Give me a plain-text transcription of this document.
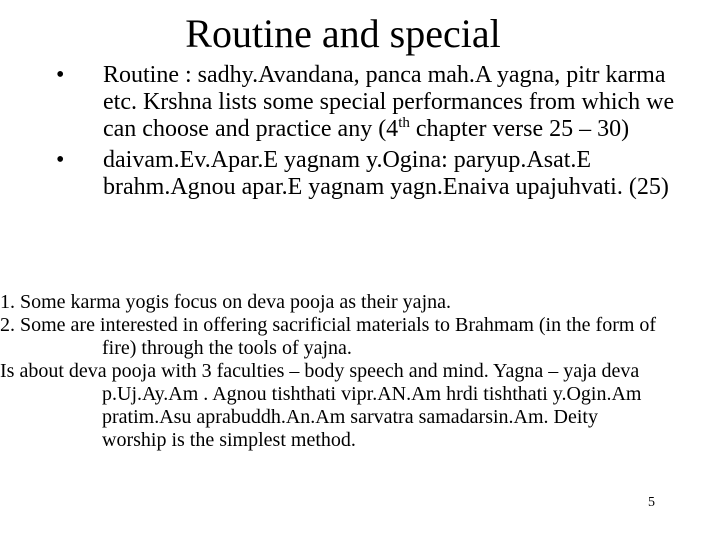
Routine and special
• Routine : sadhy.Avandana, panca mah.A yagna, pitr karma etc. Krshna lists some special performances from which we can choose and practice any (4th chapter verse 25 – 30)
• daivam.Ev.Apar.E yagnam y.Ogina: paryup.Asat.E brahm.Agnou apar.E yagnam yagn.Enaiva upajuhvati. (25)
1. Some karma yogis focus on deva pooja as their yajna.
2. Some are interested in offering sacrificial materials to Brahmam (in the form of fire) through the tools of yajna.
Is about deva pooja with 3 faculties – body speech and mind. Yagna – yaja deva p.Uj.Ay.Am . Agnou tishthati vipr.AN.Am hrdi tishthati y.Ogin.Am pratim.Asu aprabuddh.An.Am sarvatra samadarsin.Am. Deity worship is the simplest method.
5
